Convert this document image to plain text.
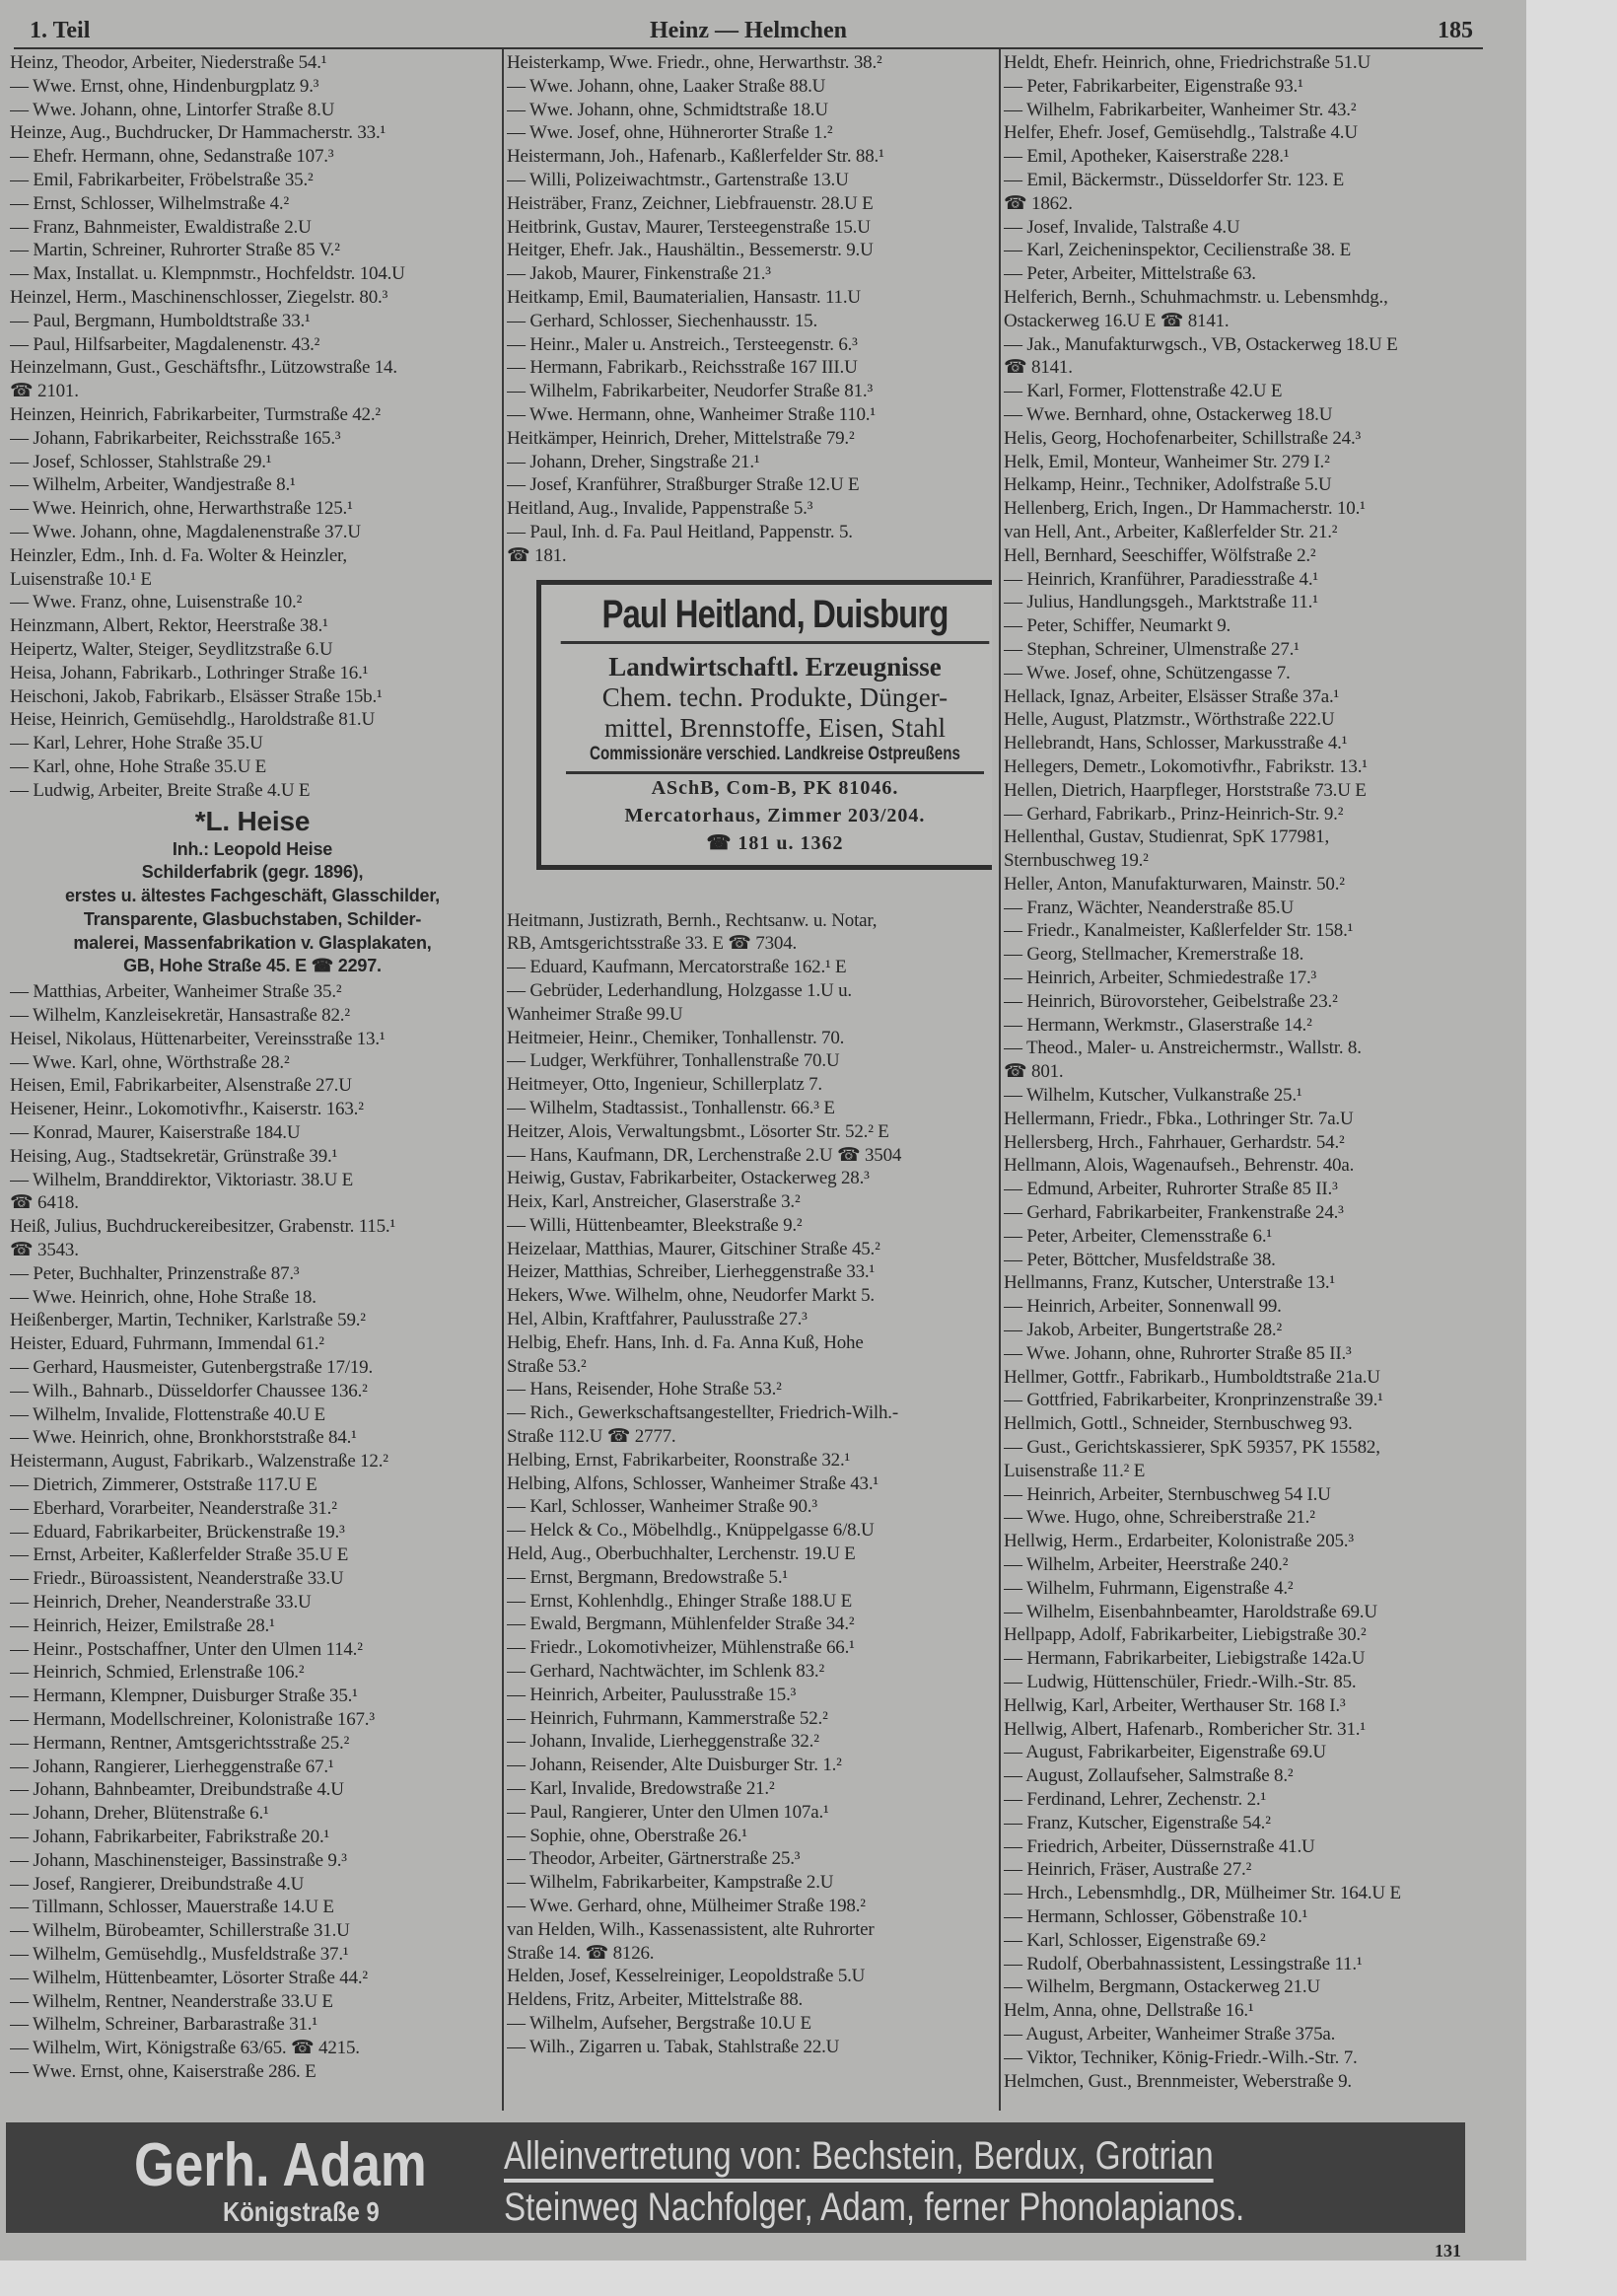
1. Teil	Heinz — Helmchen	185
Heinz, Theodor, Arbeiter, Niederstraße 54.¹
— Wwe. Ernst, ohne, Hindenburgplatz 9.³
— Wwe. Johann, ohne, Lintorfer Straße 8.U
Heinze, Aug., Buchdrucker, Dr Hammacherstr. 33.¹
— Ehefr. Hermann, ohne, Sedanstraße 107.³
— Emil, Fabrikarbeiter, Fröbelstraße 35.²
— Ernst, Schlosser, Wilhelmstraße 4.²
— Franz, Bahnmeister, Ewaldistraße 2.U
— Martin, Schreiner, Ruhrorter Straße 85 V.²
— Max, Installat. u. Klempnmstr., Hochfeldstr. 104.U
Heinzel, Herm., Maschinenschlosser, Ziegelstr. 80.³
— Paul, Bergmann, Humboldtstraße 33.¹
— Paul, Hilfsarbeiter, Magdalenenstr. 43.²
Heinzelmann, Gust., Geschäftsfhr., Lützowstraße 14.
☎ 2101.
Heinzen, Heinrich, Fabrikarbeiter, Turmstraße 42.²
— Johann, Fabrikarbeiter, Reichsstraße 165.³
— Josef, Schlosser, Stahlstraße 29.¹
— Wilhelm, Arbeiter, Wandjestraße 8.¹
— Wwe. Heinrich, ohne, Herwarthstraße 125.¹
— Wwe. Johann, ohne, Magdalenenstraße 37.U
Heinzler, Edm., Inh. d. Fa. Wolter & Heinzler,
Luisenstraße 10.¹ E
— Wwe. Franz, ohne, Luisenstraße 10.²
Heinzmann, Albert, Rektor, Heerstraße 38.¹
Heipertz, Walter, Steiger, Seydlitzstraße 6.U
Heisa, Johann, Fabrikarb., Lothringer Straße 16.¹
Heischoni, Jakob, Fabrikarb., Elsässer Straße 15b.¹
Heise, Heinrich, Gemüsehdlg., Haroldstraße 81.U
— Karl, Lehrer, Hohe Straße 35.U
— Karl, ohne, Hohe Straße 35.U E
— Ludwig, Arbeiter, Breite Straße 4.U E
*L. Heise
Inh.: Leopold Heise
Schilderfabrik (gegr. 1896),
erstes u. ältestes Fachgeschäft, Glasschilder,
Transparente, Glasbuchstaben, Schilder-
malerei, Massenfabrikation v. Glasplakaten,
GB, Hohe Straße 45. E ☎ 2297.
— Matthias, Arbeiter, Wanheimer Straße 35.²
— Wilhelm, Kanzleisekretär, Hansastraße 82.²
Heisel, Nikolaus, Hüttenarbeiter, Vereinsstraße 13.¹
— Wwe. Karl, ohne, Wörthstraße 28.²
Heisen, Emil, Fabrikarbeiter, Alsenstraße 27.U
Heisener, Heinr., Lokomotivfhr., Kaiserstr. 163.²
— Konrad, Maurer, Kaiserstraße 184.U
Heising, Aug., Stadtsekretär, Grünstraße 39.¹
— Wilhelm, Branddirektor, Viktoriastr. 38.U E
☎ 6418.
Heiß, Julius, Buchdruckereibesitzer, Grabenstr. 115.¹
☎ 3543.
— Peter, Buchhalter, Prinzenstraße 87.³
— Wwe. Heinrich, ohne, Hohe Straße 18.
Heißenberger, Martin, Techniker, Karlstraße 59.²
Heister, Eduard, Fuhrmann, Immendal 61.²
— Gerhard, Hausmeister, Gutenbergstraße 17/19.
— Wilh., Bahnarb., Düsseldorfer Chaussee 136.²
— Wilhelm, Invalide, Flottenstraße 40.U E
— Wwe. Heinrich, ohne, Bronkhorststraße 84.¹
Heistermann, August, Fabrikarb., Walzenstraße 12.²
— Dietrich, Zimmerer, Oststraße 117.U E
— Eberhard, Vorarbeiter, Neanderstraße 31.²
— Eduard, Fabrikarbeiter, Brückenstraße 19.³
— Ernst, Arbeiter, Kaßlerfelder Straße 35.U E
— Friedr., Büroassistent, Neanderstraße 33.U
— Heinrich, Dreher, Neanderstraße 33.U
— Heinrich, Heizer, Emilstraße 28.¹
— Heinr., Postschaffner, Unter den Ulmen 114.²
— Heinrich, Schmied, Erlenstraße 106.²
— Hermann, Klempner, Duisburger Straße 35.¹
— Hermann, Modellschreiner, Kolonistraße 167.³
— Hermann, Rentner, Amtsgerichtsstraße 25.²
— Johann, Rangierer, Lierheggenstraße 67.¹
— Johann, Bahnbeamter, Dreibundstraße 4.U
— Johann, Dreher, Blütenstraße 6.¹
— Johann, Fabrikarbeiter, Fabrikstraße 20.¹
— Johann, Maschinensteiger, Bassinstraße 9.³
— Josef, Rangierer, Dreibundstraße 4.U
— Tillmann, Schlosser, Mauerstraße 14.U E
— Wilhelm, Bürobeamter, Schillerstraße 31.U
— Wilhelm, Gemüsehdlg., Musfeldstraße 37.¹
— Wilhelm, Hüttenbeamter, Lösorter Straße 44.²
— Wilhelm, Rentner, Neanderstraße 33.U E
— Wilhelm, Schreiner, Barbarastraße 31.¹
— Wilhelm, Wirt, Königstraße 63/65. ☎ 4215.
— Wwe. Ernst, ohne, Kaiserstraße 286. E
Heisterkamp, Wwe. Friedr., ohne, Herwarthstr. 38.²
— Wwe. Johann, ohne, Laaker Straße 88.U
— Wwe. Johann, ohne, Schmidtstraße 18.U
— Wwe. Josef, ohne, Hühnerorter Straße 1.²
Heistermann, Joh., Hafenarb., Kaßlerfelder Str. 88.¹
— Willi, Polizeiwachtmstr., Gartenstraße 13.U
Heisträber, Franz, Zeichner, Liebfrauenstr. 28.U E
Heitbrink, Gustav, Maurer, Tersteegenstraße 15.U
Heitger, Ehefr. Jak., Haushältin., Bessemerstr. 9.U
— Jakob, Maurer, Finkenstraße 21.³
Heitkamp, Emil, Baumaterialien, Hansastr. 11.U
— Gerhard, Schlosser, Siechenhausstr. 15.
— Heinr., Maler u. Anstreich., Tersteegenstr. 6.³
— Hermann, Fabrikarb., Reichsstraße 167 III.U
— Wilhelm, Fabrikarbeiter, Neudorfer Straße 81.³
— Wwe. Hermann, ohne, Wanheimer Straße 110.¹
Heitkämper, Heinrich, Dreher, Mittelstraße 79.²
— Johann, Dreher, Singstraße 21.¹
— Josef, Kranführer, Straßburger Straße 12.U E
Heitland, Aug., Invalide, Pappenstraße 5.³
— Paul, Inh. d. Fa. Paul Heitland, Pappenstr. 5.
☎ 181.
Paul Heitland, Duisburg
Landwirtschaftl. Erzeugnisse
Chem. techn. Produkte, Dünger-
mittel, Brennstoffe, Eisen, Stahl
Commissionäre verschied. Landkreise Ostpreußens
ASchB, Com-B, PK 81046.
Mercatorhaus, Zimmer 203/204.
☎ 181 u. 1362
Heitmann, Justizrath, Bernh., Rechtsanw. u. Notar,
RB, Amtsgerichtsstraße 33. E ☎ 7304.
— Eduard, Kaufmann, Mercatorstraße 162.¹ E
— Gebrüder, Lederhandlung, Holzgasse 1.U u.
Wanheimer Straße 99.U
Heitmeier, Heinr., Chemiker, Tonhallenstr. 70.
— Ludger, Werkführer, Tonhallenstraße 70.U
Heitmeyer, Otto, Ingenieur, Schillerplatz 7.
— Wilhelm, Stadtassist., Tonhallenstr. 66.³ E
Heitzer, Alois, Verwaltungsbmt., Lösorter Str. 52.² E
— Hans, Kaufmann, DR, Lerchenstraße 2.U ☎ 3504
Heiwig, Gustav, Fabrikarbeiter, Ostackerweg 28.³
Heix, Karl, Anstreicher, Glaserstraße 3.²
— Willi, Hüttenbeamter, Bleekstraße 9.²
Heizelaar, Matthias, Maurer, Gitschiner Straße 45.²
Heizer, Matthias, Schreiber, Lierheggenstraße 33.¹
Hekers, Wwe. Wilhelm, ohne, Neudorfer Markt 5.
Hel, Albin, Kraftfahrer, Paulusstraße 27.³
Helbig, Ehefr. Hans, Inh. d. Fa. Anna Kuß, Hohe
Straße 53.²
— Hans, Reisender, Hohe Straße 53.²
— Rich., Gewerkschaftsangestellter, Friedrich-Wilh.-
Straße 112.U ☎ 2777.
Helbing, Ernst, Fabrikarbeiter, Roonstraße 32.¹
Helbing, Alfons, Schlosser, Wanheimer Straße 43.¹
— Karl, Schlosser, Wanheimer Straße 90.³
— Helck & Co., Möbelhdlg., Knüppelgasse 6/8.U
Held, Aug., Oberbuchhalter, Lerchenstr. 19.U E
— Ernst, Bergmann, Bredowstraße 5.¹
— Ernst, Kohlenhdlg., Ehinger Straße 188.U E
— Ewald, Bergmann, Mühlenfelder Straße 34.²
— Friedr., Lokomotivheizer, Mühlenstraße 66.¹
— Gerhard, Nachtwächter, im Schlenk 83.²
— Heinrich, Arbeiter, Paulusstraße 15.³
— Heinrich, Fuhrmann, Kammerstraße 52.²
— Johann, Invalide, Lierheggenstraße 32.²
— Johann, Reisender, Alte Duisburger Str. 1.²
— Karl, Invalide, Bredowstraße 21.²
— Paul, Rangierer, Unter den Ulmen 107a.¹
— Sophie, ohne, Oberstraße 26.¹
— Theodor, Arbeiter, Gärtnerstraße 25.³
— Wilhelm, Fabrikarbeiter, Kampstraße 2.U
— Wwe. Gerhard, ohne, Mülheimer Straße 198.²
van Helden, Wilh., Kassenassistent, alte Ruhrorter
Straße 14. ☎ 8126.
Helden, Josef, Kesselreiniger, Leopoldstraße 5.U
Heldens, Fritz, Arbeiter, Mittelstraße 88.
— Wilhelm, Aufseher, Bergstraße 10.U E
— Wilh., Zigarren u. Tabak, Stahlstraße 22.U
Heldt, Ehefr. Heinrich, ohne, Friedrichstraße 51.U
— Peter, Fabrikarbeiter, Eigenstraße 93.¹
— Wilhelm, Fabrikarbeiter, Wanheimer Str. 43.²
Helfer, Ehefr. Josef, Gemüsehdlg., Talstraße 4.U
— Emil, Apotheker, Kaiserstraße 228.¹
— Emil, Bäckermstr., Düsseldorfer Str. 123. E
☎ 1862.
— Josef, Invalide, Talstraße 4.U
— Karl, Zeicheninspektor, Cecilienstraße 38. E
— Peter, Arbeiter, Mittelstraße 63.
Helferich, Bernh., Schuhmachmstr. u. Lebensmhdg.,
Ostackerweg 16.U E ☎ 8141.
— Jak., Manufakturwgsch., VB, Ostackerweg 18.U E
☎ 8141.
— Karl, Former, Flottenstraße 42.U E
— Wwe. Bernhard, ohne, Ostackerweg 18.U
Helis, Georg, Hochofenarbeiter, Schillstraße 24.³
Helk, Emil, Monteur, Wanheimer Str. 279 I.²
Helkamp, Heinr., Techniker, Adolfstraße 5.U
Hellenberg, Erich, Ingen., Dr Hammacherstr. 10.¹
van Hell, Ant., Arbeiter, Kaßlerfelder Str. 21.²
Hell, Bernhard, Seeschiffer, Wölfstraße 2.²
— Heinrich, Kranführer, Paradiesstraße 4.¹
— Julius, Handlungsgeh., Marktstraße 11.¹
— Peter, Schiffer, Neumarkt 9.
— Stephan, Schreiner, Ulmenstraße 27.¹
— Wwe. Josef, ohne, Schützengasse 7.
Hellack, Ignaz, Arbeiter, Elsässer Straße 37a.¹
Helle, August, Platzmstr., Wörthstraße 222.U
Hellebrandt, Hans, Schlosser, Markusstraße 4.¹
Hellegers, Demetr., Lokomotivfhr., Fabrikstr. 13.¹
Hellen, Dietrich, Haarpfleger, Horststraße 73.U E
— Gerhard, Fabrikarb., Prinz-Heinrich-Str. 9.²
Hellenthal, Gustav, Studienrat, SpK 177981,
Sternbuschweg 19.²
Heller, Anton, Manufakturwaren, Mainstr. 50.²
— Franz, Wächter, Neanderstraße 85.U
— Friedr., Kanalmeister, Kaßlerfelder Str. 158.¹
— Georg, Stellmacher, Kremerstraße 18.
— Heinrich, Arbeiter, Schmiedestraße 17.³
— Heinrich, Bürovorsteher, Geibelstraße 23.²
— Hermann, Werkmstr., Glaserstraße 14.²
— Theod., Maler- u. Anstreichermstr., Wallstr. 8.
☎ 801.
— Wilhelm, Kutscher, Vulkanstraße 25.¹
Hellermann, Friedr., Fbka., Lothringer Str. 7a.U
Hellersberg, Hrch., Fahrhauer, Gerhardstr. 54.²
Hellmann, Alois, Wagenaufseh., Behrenstr. 40a.
— Edmund, Arbeiter, Ruhrorter Straße 85 II.³
— Gerhard, Fabrikarbeiter, Frankenstraße 24.³
— Peter, Arbeiter, Clemensstraße 6.¹
— Peter, Böttcher, Musfeldstraße 38.
Hellmanns, Franz, Kutscher, Unterstraße 13.¹
— Heinrich, Arbeiter, Sonnenwall 99.
— Jakob, Arbeiter, Bungertstraße 28.²
— Wwe. Johann, ohne, Ruhrorter Straße 85 II.³
Hellmer, Gottfr., Fabrikarb., Humboldtstraße 21a.U
— Gottfried, Fabrikarbeiter, Kronprinzenstraße 39.¹
Hellmich, Gottl., Schneider, Sternbuschweg 93.
— Gust., Gerichtskassierer, SpK 59357, PK 15582,
Luisenstraße 11.² E
— Heinrich, Arbeiter, Sternbuschweg 54 I.U
— Wwe. Hugo, ohne, Schreiberstraße 21.²
Hellwig, Herm., Erdarbeiter, Kolonistraße 205.³
— Wilhelm, Arbeiter, Heerstraße 240.²
— Wilhelm, Fuhrmann, Eigenstraße 4.²
— Wilhelm, Eisenbahnbeamter, Haroldstraße 69.U
Hellpapp, Adolf, Fabrikarbeiter, Liebigstraße 30.²
— Hermann, Fabrikarbeiter, Liebigstraße 142a.U
— Ludwig, Hüttenschüler, Friedr.-Wilh.-Str. 85.
Hellwig, Karl, Arbeiter, Werthauser Str. 168 I.³
Hellwig, Albert, Hafenarb., Rombericher Str. 31.¹
— August, Fabrikarbeiter, Eigenstraße 69.U
— August, Zollaufseher, Salmstraße 8.²
— Ferdinand, Lehrer, Zechenstr. 2.¹
— Franz, Kutscher, Eigenstraße 54.²
— Friedrich, Arbeiter, Düssernstraße 41.U
— Heinrich, Fräser, Austraße 27.²
— Hrch., Lebensmhdlg., DR, Mülheimer Str. 164.U E
— Hermann, Schlosser, Göbenstraße 10.¹
— Karl, Schlosser, Eigenstraße 69.²
— Rudolf, Oberbahnassistent, Lessingstraße 11.¹
— Wilhelm, Bergmann, Ostackerweg 21.U
Helm, Anna, ohne, Dellstraße 16.¹
— August, Arbeiter, Wanheimer Straße 375a.
— Viktor, Techniker, König-Friedr.-Wilh.-Str. 7.
Helmchen, Gust., Brennmeister, Weberstraße 9.
Gerh. Adam
Königstraße 9
Alleinvertretung von: Bechstein, Berdux, Grotrian
Steinweg Nachfolger, Adam, ferner Phonolapianos.
131
